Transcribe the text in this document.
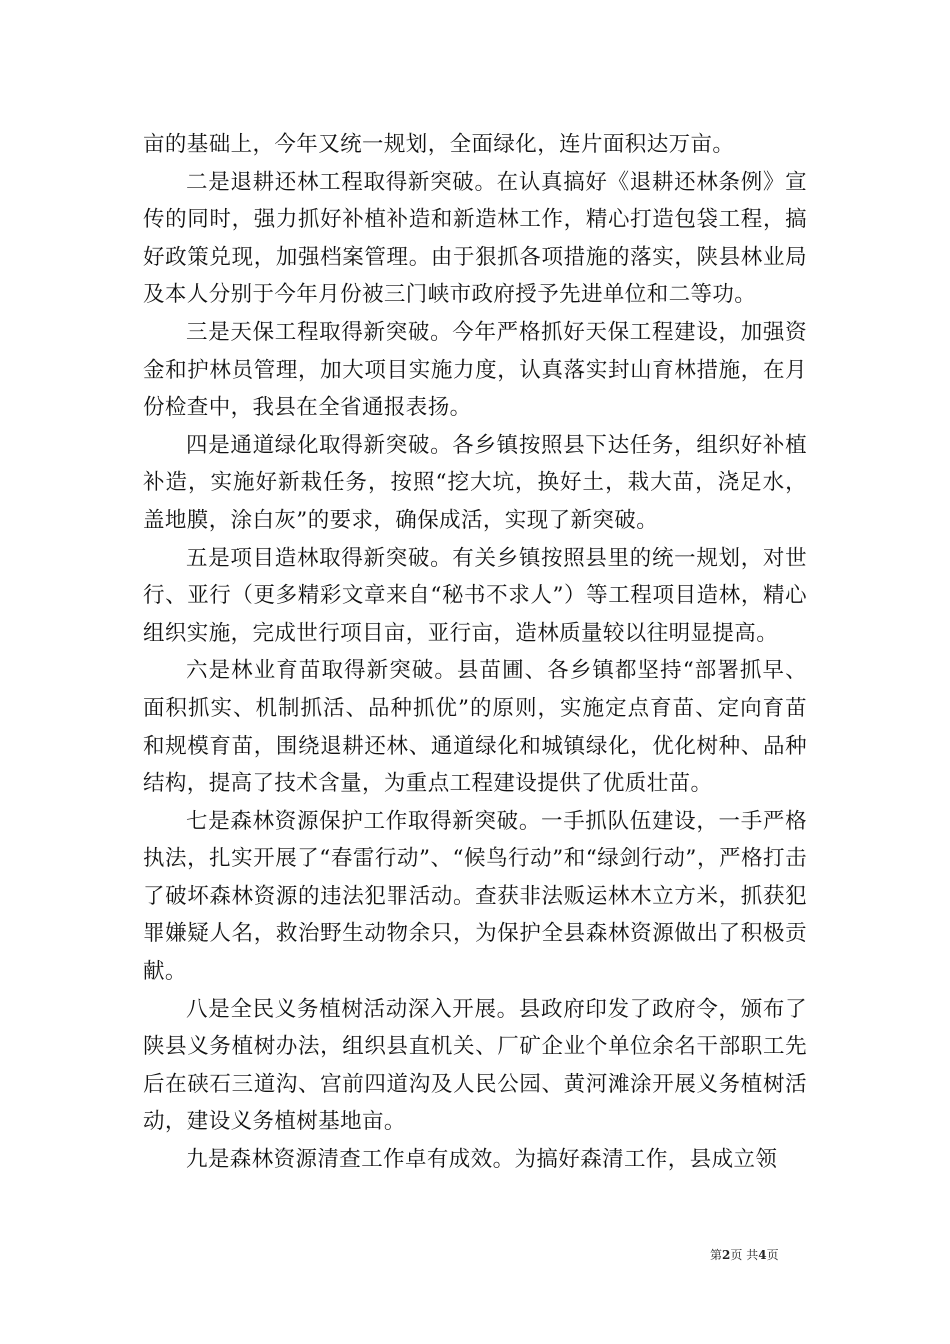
亩的基础上，今年又统一规划，全面绿化，连片面积达万亩。

二是退耕还林工程取得新突破。在认真搞好《退耕还林条例》宣传的同时，强力抓好补植补造和新造林工作，精心打造包袋工程，搞好政策兑现，加强档案管理。由于狠抓各项措施的落实，陕县林业局及本人分别于今年月份被三门峡市政府授予先进单位和二等功。

三是天保工程取得新突破。今年严格抓好天保工程建设，加强资金和护林员管理，加大项目实施力度，认真落实封山育林措施，在月份检查中，我县在全省通报表扬。

四是通道绿化取得新突破。各乡镇按照县下达任务，组织好补植补造，实施好新栽任务，按照“挖大坑，换好土，栽大苗，浇足水，盖地膜，涂白灰”的要求，确保成活，实现了新突破。

五是项目造林取得新突破。有关乡镇按照县里的统一规划，对世行、亚行（更多精彩文章来自“秘书不求人”）等工程项目造林，精心组织实施，完成世行项目亩，亚行亩，造林质量较以往明显提高。

六是林业育苗取得新突破。县苗圃、各乡镇都坚持“部署抓早、面积抓实、机制抓活、品种抓优”的原则，实施定点育苗、定向育苗和规模育苗，围绕退耕还林、通道绿化和城镇绿化，优化树种、品种结构，提高了技术含量，为重点工程建设提供了优质壮苗。

七是森林资源保护工作取得新突破。一手抓队伍建设，一手严格执法，扎实开展了“春雷行动”、“候鸟行动”和“绿剑行动”，严格打击了破坏森林资源的违法犯罪活动。查获非法贩运林木立方米，抓获犯罪嫌疑人名，救治野生动物余只，为保护全县森林资源做出了积极贡献。

八是全民义务植树活动深入开展。县政府印发了政府令，颁布了陕县义务植树办法，组织县直机关、厂矿企业个单位余名干部职工先后在硖石三道沟、宫前四道沟及人民公园、黄河滩涂开展义务植树活动，建设义务植树基地亩。

九是森林资源清查工作卓有成效。为搞好森清工作，县成立领

第2页 共4页
